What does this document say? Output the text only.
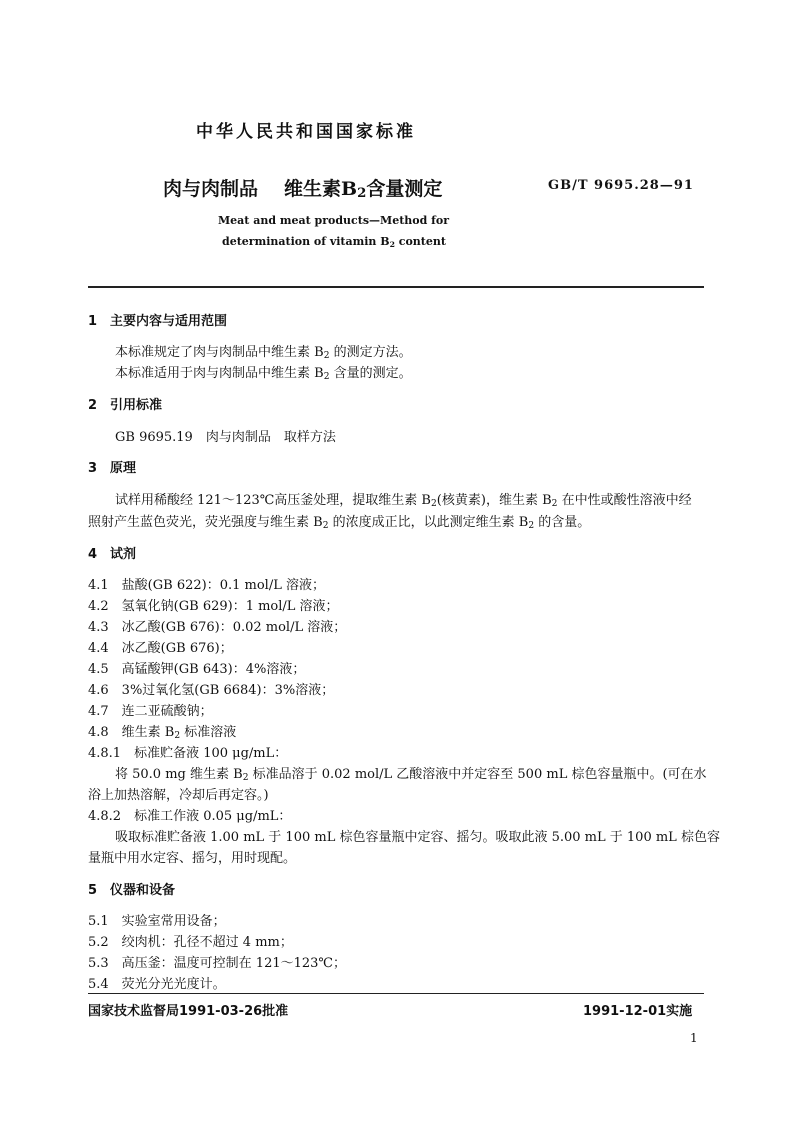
中华人民共和国国家标准
肉与肉制品 维生素$B_2$含量测定	GB/T 9695.28—91
Meat and meat products—Method for
determination of vitamin $B_2$ content
1　主要内容与适用范围
本标准规定了肉与肉制品中维生素 $B_2$ 的测定方法。
本标准适用于肉与肉制品中维生素 $B_2$ 含量的测定。
2　引用标准
GB 9695.19　肉与肉制品　取样方法
3　原理
试样用稀酸经 121～123℃高压釜处理，提取维生素 $B_2$(核黄素)，维生素 $B_2$ 在中性或酸性溶液中经
照射产生蓝色荧光，荧光强度与维生素 $B_2$ 的浓度成正比，以此测定维生素 $B_2$ 的含量。
4　试剂
4.1　盐酸(GB 622)：0.1 mol/L 溶液；
4.2　氢氧化钠(GB 629)：1 mol/L 溶液；
4.3　冰乙酸(GB 676)：0.02 mol/L 溶液；
4.4　冰乙酸(GB 676)；
4.5　高锰酸钾(GB 643)：4%溶液；
4.6　3%过氧化氢(GB 6684)：3%溶液；
4.7　连二亚硫酸钠；
4.8　维生素 $B_2$ 标准溶液
4.8.1　标准贮备液 100 μg/mL：
将 50.0 mg 维生素 $B_2$ 标准品溶于 0.02 mol/L 乙酸溶液中并定容至 500 mL 棕色容量瓶中。(可在水
浴上加热溶解，冷却后再定容。)
4.8.2　标准工作液 0.05 μg/mL：
吸取标准贮备液 1.00 mL 于 100 mL 棕色容量瓶中定容、摇匀。吸取此液 5.00 mL 于 100 mL 棕色容
量瓶中用水定容、摇匀，用时现配。
5　仪器和设备
5.1　实验室常用设备；
5.2　绞肉机：孔径不超过 4 mm；
5.3　高压釜：温度可控制在 121～123℃；
5.4　荧光分光光度计。
国家技术监督局1991-03-26批准	1991-12-01实施
1
